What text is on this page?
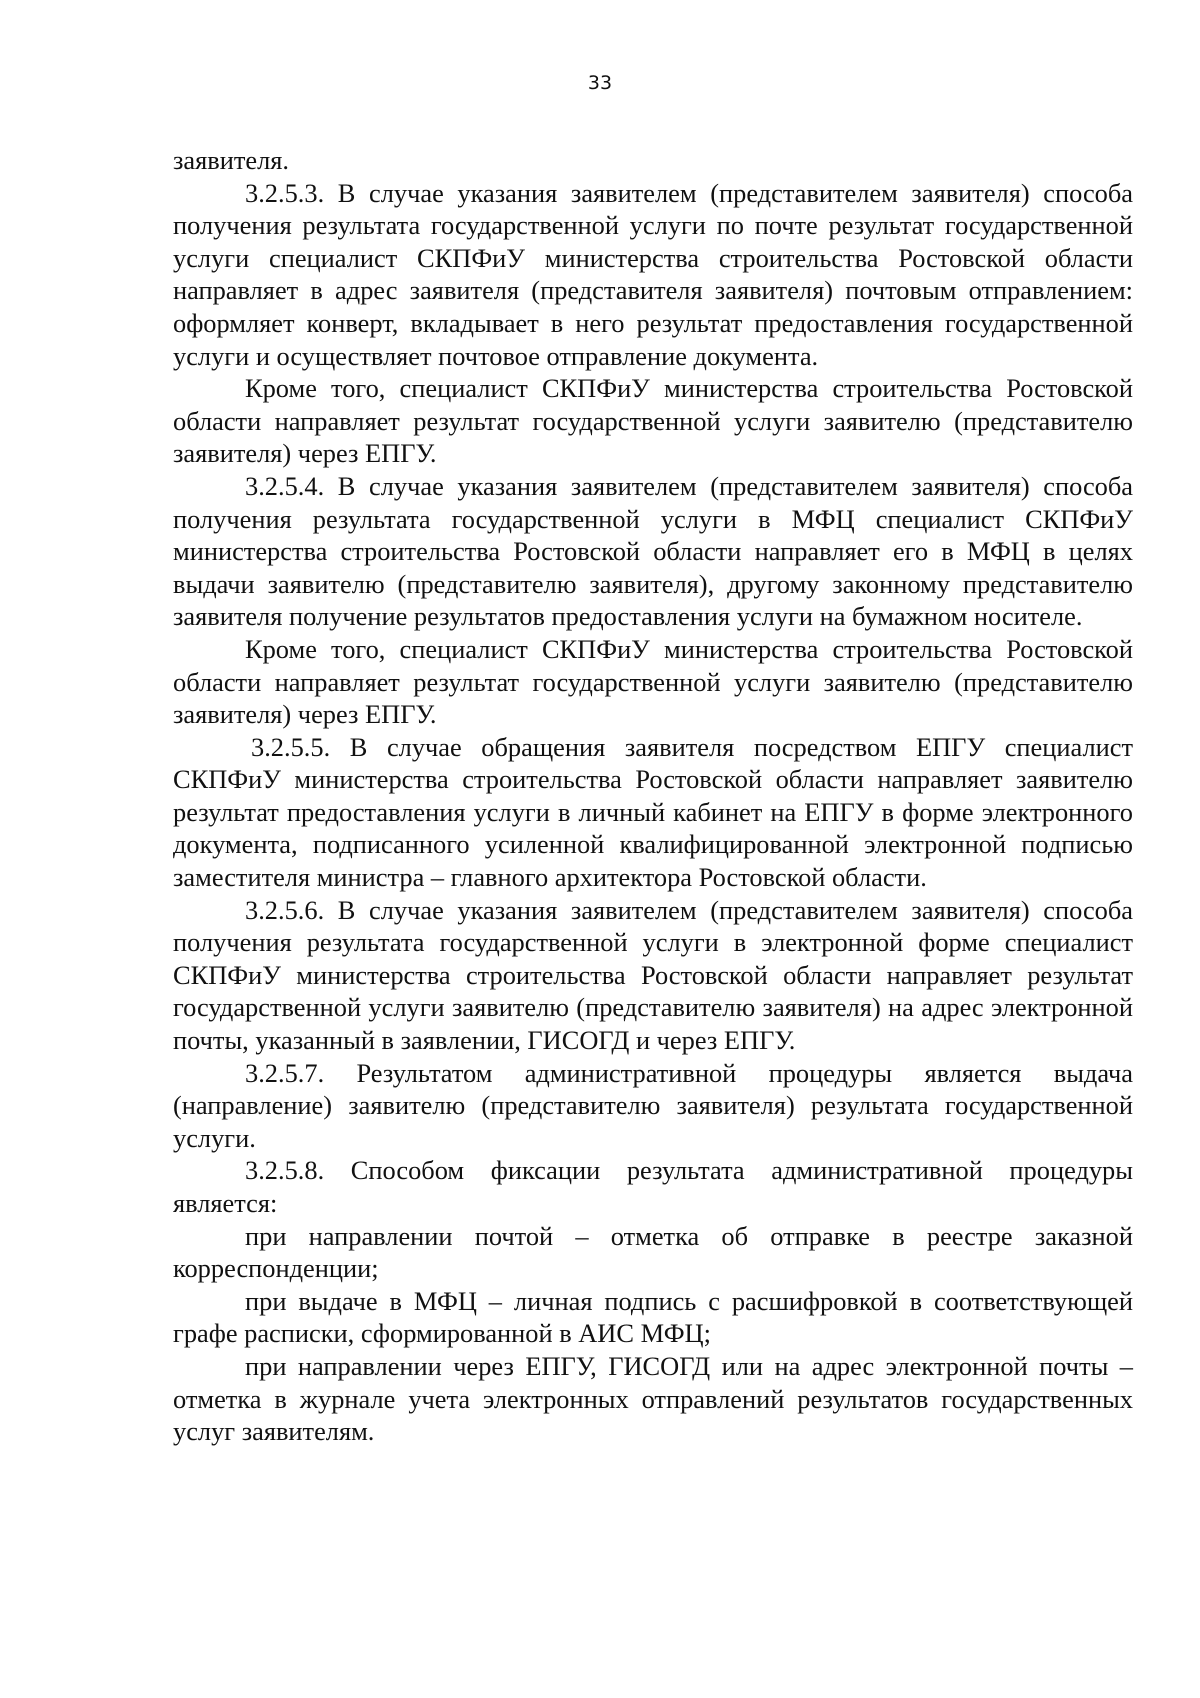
33

заявителя.

3.2.5.3. В случае указания заявителем (представителем заявителя) способа получения результата государственной услуги по почте результат государственной услуги специалист СКПФиУ министерства строительства Ростовской области направляет в адрес заявителя (представителя заявителя) почтовым отправлением: оформляет конверт, вкладывает в него результат предоставления государственной услуги и осуществляет почтовое отправление документа.

Кроме того, специалист СКПФиУ министерства строительства Ростовской области направляет результат государственной услуги заявителю (представителю заявителя) через ЕПГУ.

3.2.5.4. В случае указания заявителем (представителем заявителя) способа получения результата государственной услуги в МФЦ специалист СКПФиУ министерства строительства Ростовской области направляет его в МФЦ в целях выдачи заявителю (представителю заявителя), другому законному представителю заявителя получение результатов предоставления услуги на бумажном носителе.

Кроме того, специалист СКПФиУ министерства строительства Ростовской области направляет результат государственной услуги заявителю (представителю заявителя) через ЕПГУ.

3.2.5.5. В случае обращения заявителя посредством ЕПГУ специалист СКПФиУ министерства строительства Ростовской области направляет заявителю результат предоставления услуги в личный кабинет на ЕПГУ в форме электронного документа, подписанного усиленной квалифицированной электронной подписью заместителя министра – главного архитектора Ростовской области.

3.2.5.6. В случае указания заявителем (представителем заявителя) способа получения результата государственной услуги в электронной форме специалист СКПФиУ министерства строительства Ростовской области направляет результат государственной услуги заявителю (представителю заявителя) на адрес электронной почты, указанный в заявлении, ГИСОГД и через ЕПГУ.

3.2.5.7. Результатом административной процедуры является выдача (направление) заявителю (представителю заявителя) результата государственной услуги.

3.2.5.8. Способом фиксации результата административной процедуры является:

при направлении почтой – отметка об отправке в реестре заказной корреспонденции;

при выдаче в МФЦ – личная подпись с расшифровкой в соответствующей графе расписки, сформированной в АИС МФЦ;

при направлении через ЕПГУ, ГИСОГД или на адрес электронной почты – отметка в журнале учета электронных отправлений результатов государственных услуг заявителям.
